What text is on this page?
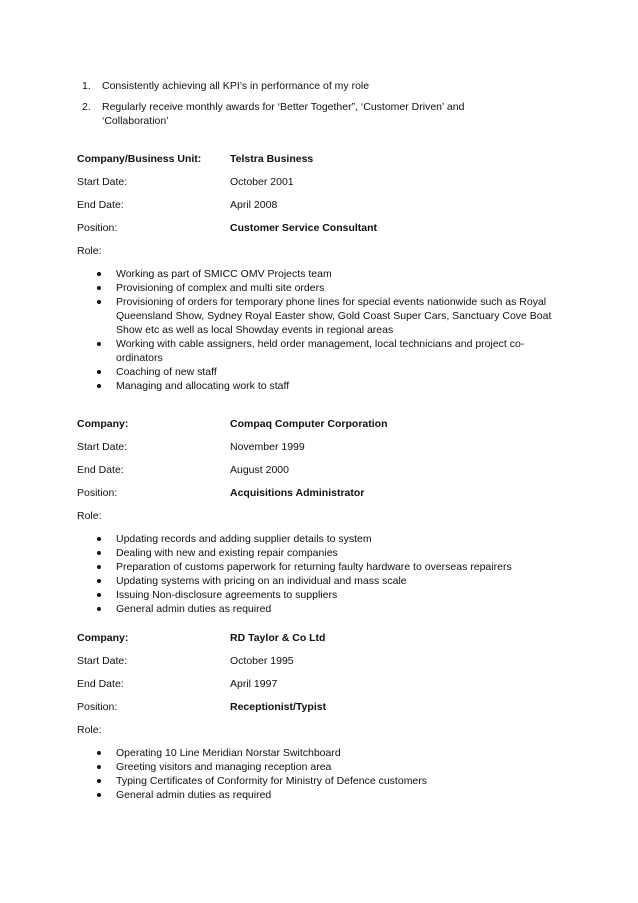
1.	Consistently achieving all KPI’s in performance of my role
2.	Regularly receive monthly awards for ‘Better Together”, ‘Customer Driven’ and ‘Collaboration’
Company/Business Unit:	Telstra Business
Start Date:	October 2001
End Date:	April 2008
Position:	Customer Service Consultant
Role:
Working as part of SMICC OMV Projects team
Provisioning of complex and multi site orders
Provisioning of orders for temporary phone lines for special events nationwide such as Royal Queensland Show, Sydney Royal Easter show, Gold Coast Super Cars, Sanctuary Cove Boat Show etc as well as local Showday events in regional areas
Working with cable assigners, held order management, local technicians and project co-ordinators
Coaching of new staff
Managing and allocating work to staff
Company:	Compaq Computer Corporation
Start Date:	November 1999
End Date:	August 2000
Position:	Acquisitions Administrator
Role:
Updating records and adding supplier details to system
Dealing with new and existing repair companies
Preparation of customs paperwork for returning faulty hardware to overseas repairers
Updating systems with pricing on an individual and mass scale
Issuing Non-disclosure agreements to suppliers
General admin duties as required
Company:	RD Taylor & Co Ltd
Start Date:	October 1995
End Date:	April 1997
Position:	Receptionist/Typist
Role:
Operating 10 Line Meridian Norstar Switchboard
Greeting visitors and managing reception area
Typing Certificates of Conformity for Ministry of Defence customers
General admin duties as required
